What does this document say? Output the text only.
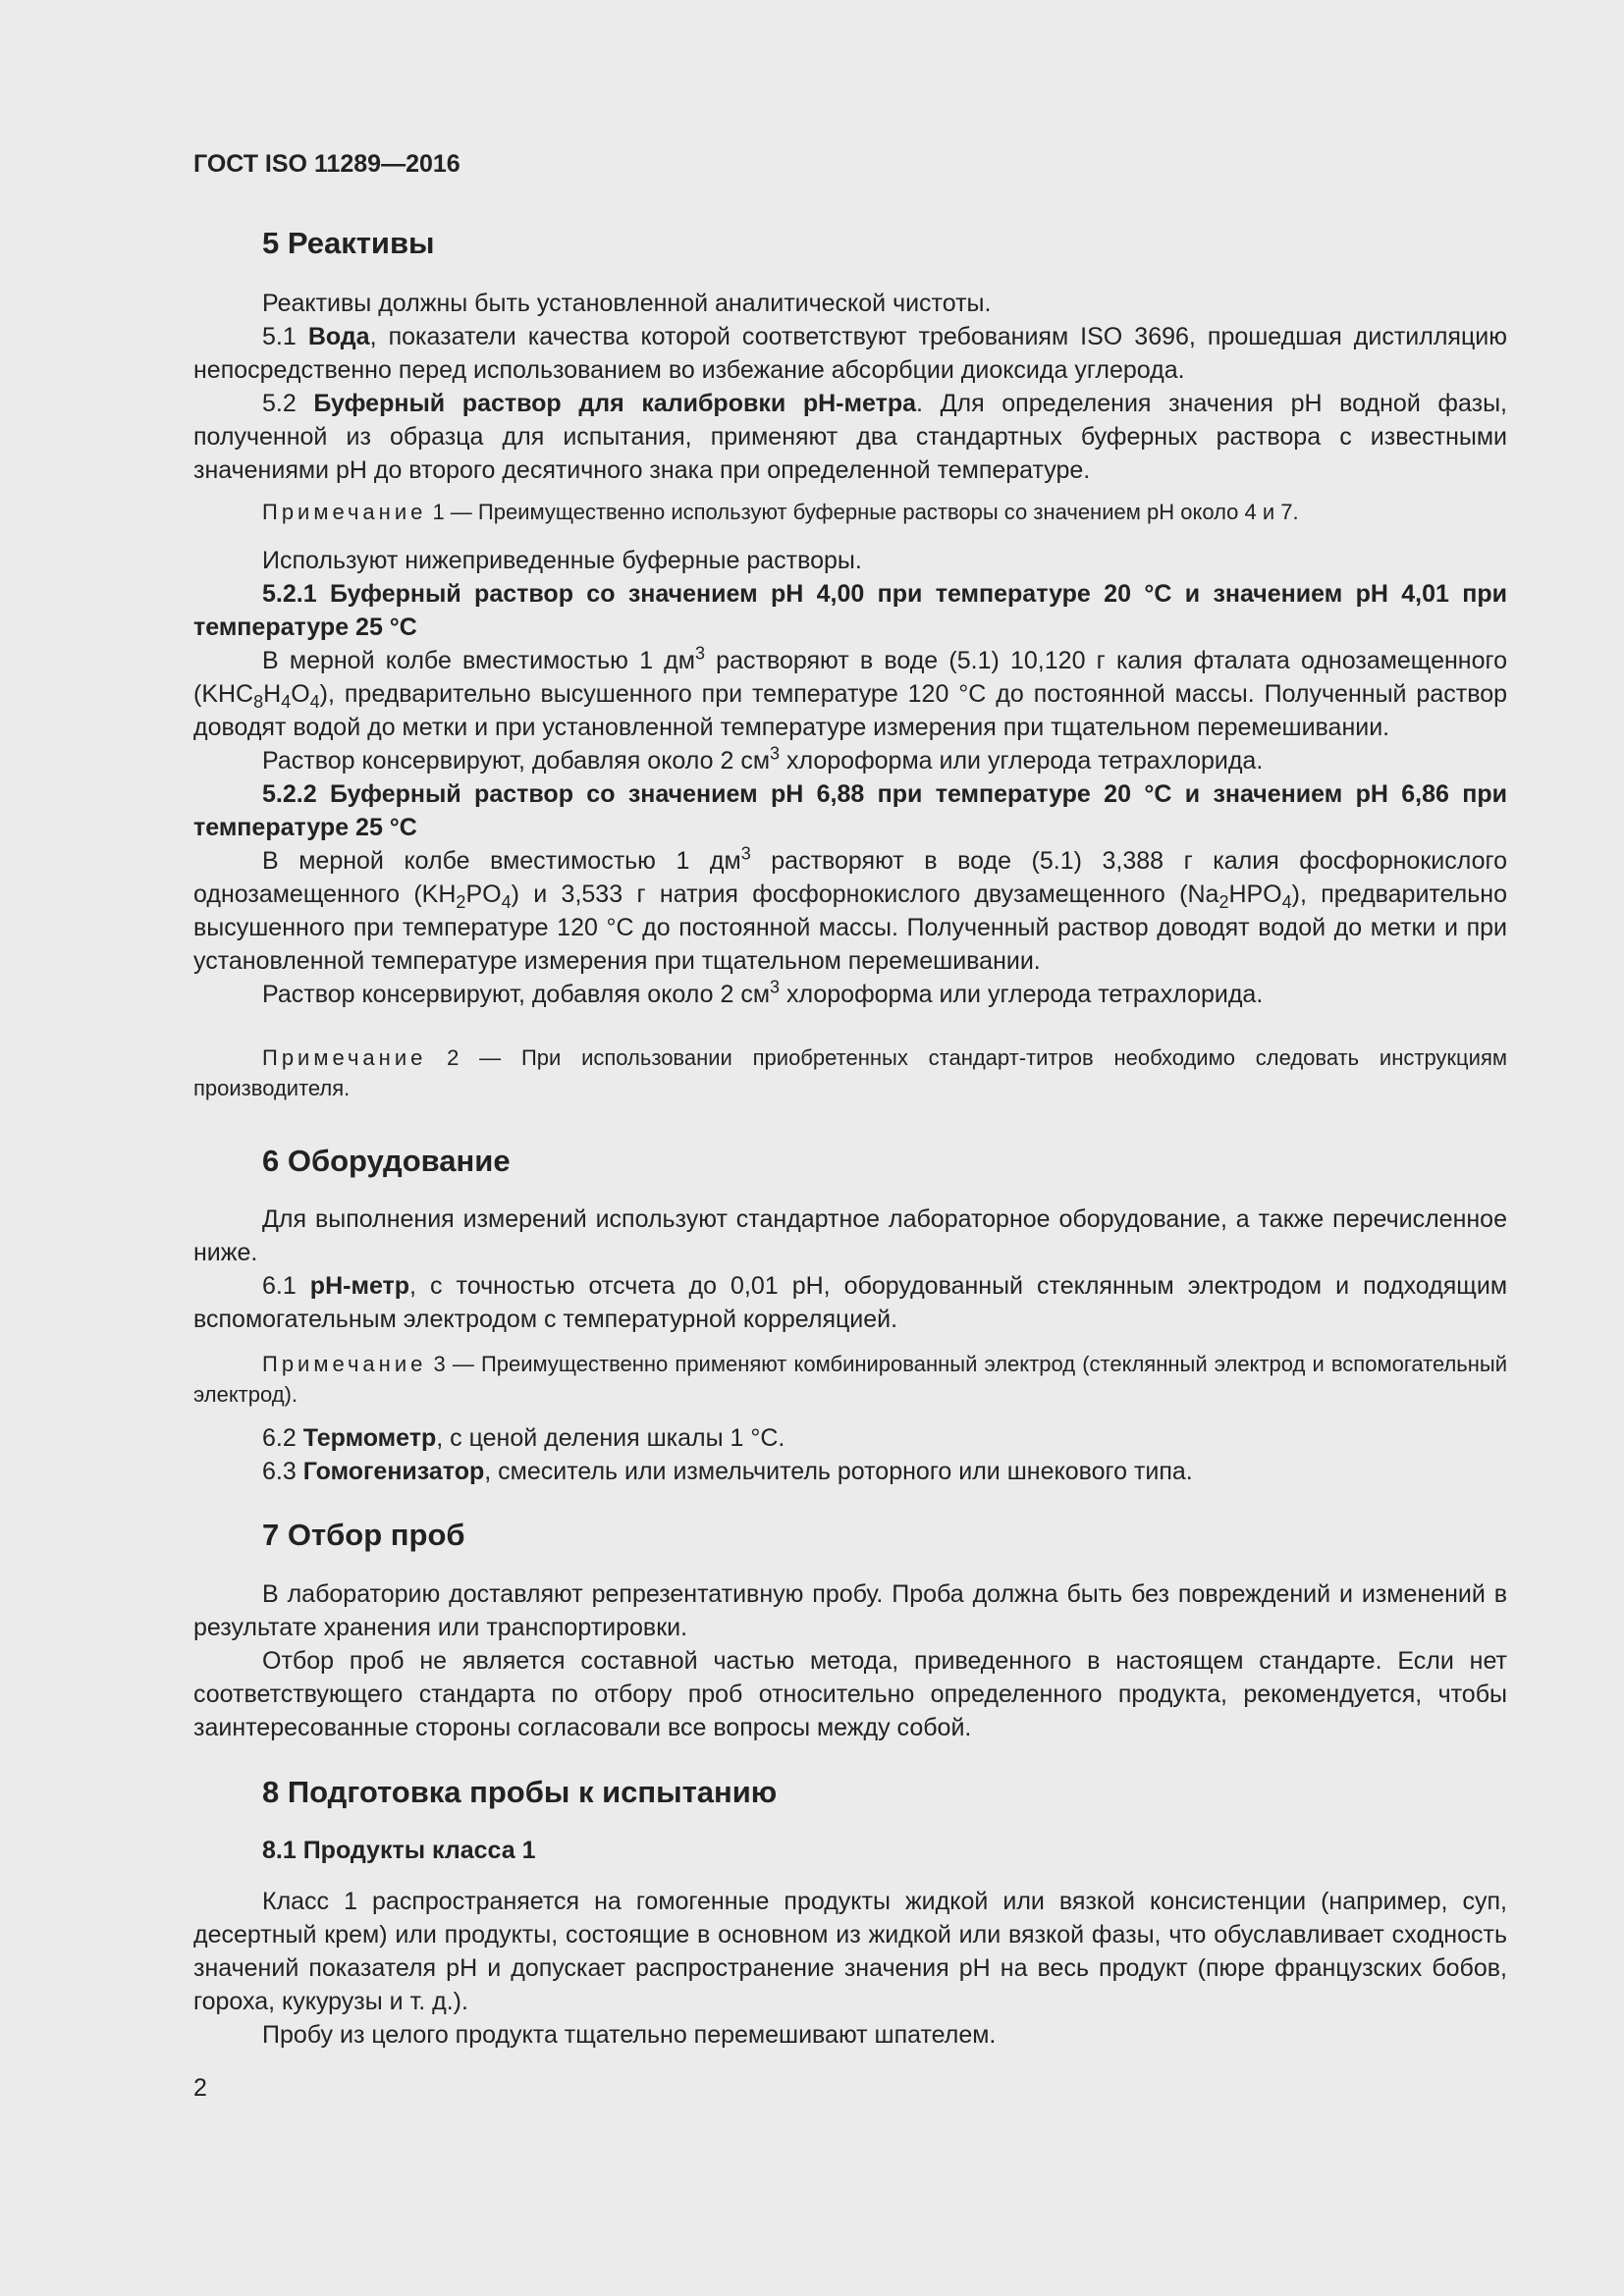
ГОСТ ISO 11289—2016
5 Реактивы

Реактивы должны быть установленной аналитической чистоты.

5.1 Вода, показатели качества которой соответствуют требованиям ISO 3696, прошедшая дистилляцию непосредственно перед использованием во избежание абсорбции диоксида углерода.

5.2 Буферный раствор для калибровки pH-метра. Для определения значения pH водной фазы, полученной из образца для испытания, применяют два стандартных буферных раствора с известными значениями pH до второго десятичного знака при определенной температуре.

Примечание 1 — Преимущественно используют буферные растворы со значением pH около 4 и 7.

Используют нижеприведенные буферные растворы.

5.2.1 Буферный раствор со значением pH 4,00 при температуре 20 °С и значением pH 4,01 при температуре 25 °С

В мерной колбе вместимостью 1 $дм^3$ растворяют в воде (5.1) 10,120 г калия фталата однозамещенного $(KHC_8H_4O_4)$, предварительно высушенного при температуре 120 °С до постоянной массы. Полученный раствор доводят водой до метки и при установленной температуре измерения при тщательном перемешивании.

Раствор консервируют, добавляя около 2 $см^3$ хлороформа или углерода тетрахлорида.

5.2.2 Буферный раствор со значением pH 6,88 при температуре 20 °С и значением pH 6,86 при температуре 25 °С

В мерной колбе вместимостью 1 $дм^3$ растворяют в воде (5.1) 3,388 г калия фосфорнокислого однозамещенного $(KH_2PO_4)$ и 3,533 г натрия фосфорнокислого двузамещенного $(Na_2HPO_4)$, предварительно высушенного при температуре 120 °С до постоянной массы. Полученный раствор доводят водой до метки и при установленной температуре измерения при тщательном перемешивании.

Раствор консервируют, добавляя около 2 $см^3$ хлороформа или углерода тетрахлорида.

Примечание 2 — При использовании приобретенных стандарт-титров необходимо следовать инструкциям производителя.

6 Оборудование

Для выполнения измерений используют стандартное лабораторное оборудование, а также перечисленное ниже.

6.1 pH-метр, с точностью отсчета до 0,01 pH, оборудованный стеклянным электродом и подходящим вспомогательным электродом с температурной корреляцией.

Примечание 3 — Преимущественно применяют комбинированный электрод (стеклянный электрод и вспомогательный электрод).

6.2 Термометр, с ценой деления шкалы 1 °С.

6.3 Гомогенизатор, смеситель или измельчитель роторного или шнекового типа.

7 Отбор проб

В лабораторию доставляют репрезентативную пробу. Проба должна быть без повреждений и изменений в результате хранения или транспортировки.

Отбор проб не является составной частью метода, приведенного в настоящем стандарте. Если нет соответствующего стандарта по отбору проб относительно определенного продукта, рекомендуется, чтобы заинтересованные стороны согласовали все вопросы между собой.

8 Подготовка пробы к испытанию
8.1 Продукты класса 1

Класс 1 распространяется на гомогенные продукты жидкой или вязкой консистенции (например, суп, десертный крем) или продукты, состоящие в основном из жидкой или вязкой фазы, что обуславливает сходность значений показателя pH и допускает распространение значения pH на весь продукт (пюре французских бобов, гороха, кукурузы и т. д.).

Пробу из целого продукта тщательно перемешивают шпателем.

2
